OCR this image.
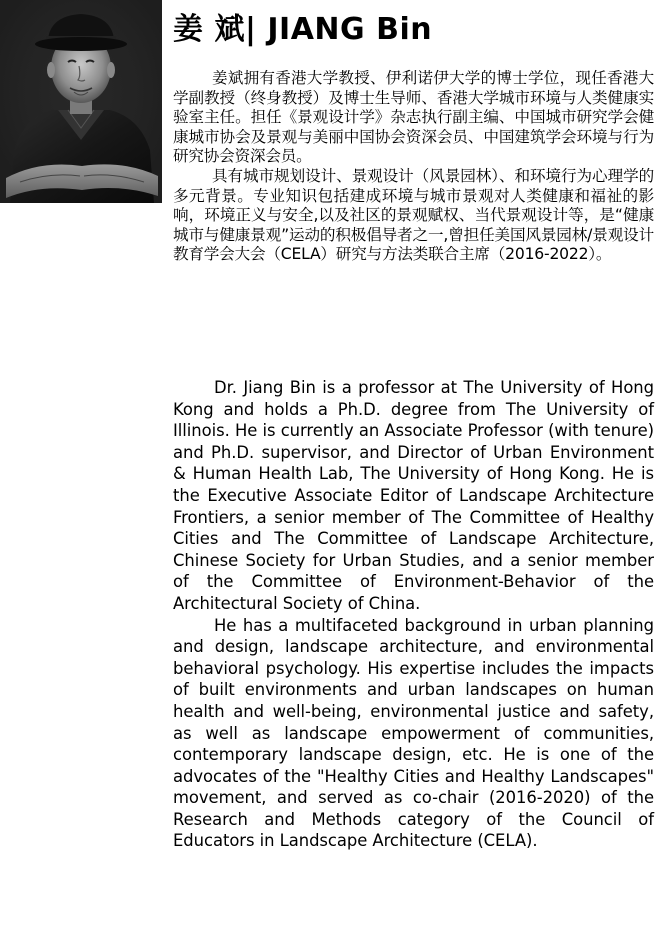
姜 斌| JIANG Bin

姜斌拥有香港大学教授、伊利诺伊大学的博士学位，现任香港大学副教授（终身教授）及博士生导师、香港大学城市环境与人类健康实验室主任。担任《景观设计学》杂志执行副主编、中国城市研究学会健康城市协会及景观与美丽中国协会资深会员、中国建筑学会环境与行为研究协会资深会员。

具有城市规划设计、景观设计（风景园林）、和环境行为心理学的多元背景。专业知识包括建成环境与城市景观对人类健康和福祉的影响，环境正义与安全,以及社区的景观赋权、当代景观设计等，是“健康城市与健康景观”运动的积极倡导者之一,曾担任美国风景园林/景观设计教育学会大会（CELA）研究与方法类联合主席（2016-2022）。

Dr. Jiang Bin is a professor at The University of Hong Kong and holds a Ph.D. degree from The University of Illinois. He is currently an Associate Professor (with tenure) and Ph.D. supervisor, and Director of Urban Environment & Human Health Lab, The University of Hong Kong. He is the Executive Associate Editor of Landscape Architecture Frontiers, a senior member of The Committee of Healthy Cities and The Committee of Landscape Architecture, Chinese Society for Urban Studies, and a senior member of the Committee of Environment-Behavior of the Architectural Society of China.

He has a multifaceted background in urban planning and design, landscape architecture, and environmental behavioral psychology. His expertise includes the impacts of built environments and urban landscapes on human health and well-being, environmental justice and safety, as well as landscape empowerment of communities, contemporary landscape design, etc. He is one of the advocates of the "Healthy Cities and Healthy Landscapes" movement, and served as co-chair (2016-2020) of the Research and Methods category of the Council of Educators in Landscape Architecture (CELA).
